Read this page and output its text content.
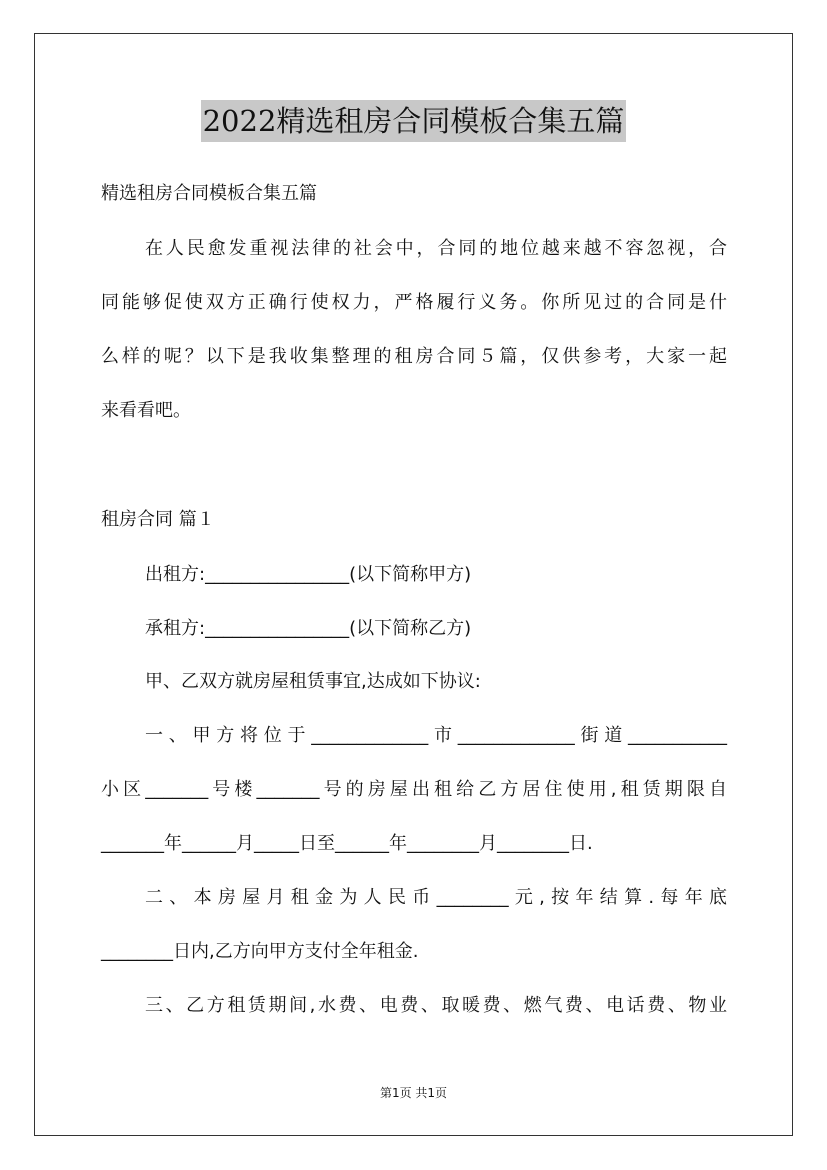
2022精选租房合同模板合集五篇
精选租房合同模板合集五篇
在人民愈发重视法律的社会中，合同的地位越来越不容忽视，合
同能够促使双方正确行使权力，严格履行义务。你所见过的合同是什
么样的呢？以下是我收集整理的租房合同５篇，仅供参考，大家一起
来看看吧。
租房合同 篇１
出租方:________________(以下简称甲方)
承租方:________________(以下简称乙方)
甲、乙双方就房屋租赁事宜,达成如下协议:
一、甲方将位于_____________市_____________街道___________
小区_______号楼_______号的房屋出租给乙方居住使用,租赁期限自
_______年______月_____日至______年________月________日.
二、本房屋月租金为人民币________元,按年结算.每年底
________日内,乙方向甲方支付全年租金.
三、乙方租赁期间,水费、电费、取暖费、燃气费、电话费、物业
第1页 共1页
